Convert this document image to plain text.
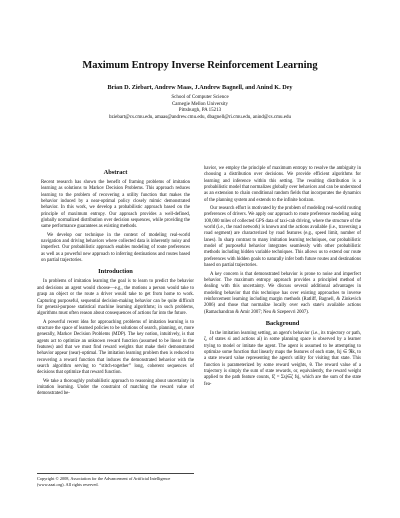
Maximum Entropy Inverse Reinforcement Learning
Brian D. Ziebart, Andrew Maas, J.Andrew Bagnell, and Anind K. Dey
School of Computer Science
Carnegie Mellon University
Pittsburgh, PA 15213
bziebart@cs.cmu.edu, amaas@andrew.cmu.edu, dbagnell@ri.cmu.edu, anind@cs.cmu.edu
Abstract

Recent research has shown the benefit of framing problems of imitation learning as solutions to Markov Decision Problems. This approach reduces learning to the problem of recovering a utility function that makes the behavior induced by a near-optimal policy closely mimic demonstrated behavior. In this work, we develop a probabilistic approach based on the principle of maximum entropy. Our approach provides a well-defined, globally normalized distribution over decision sequences, while providing the same performance guarantees as existing methods.

We develop our technique in the context of modeling real-world navigation and driving behaviors where collected data is inherently noisy and imperfect. Our probabilistic approach enables modeling of route preferences as well as a powerful new approach to inferring destinations and routes based on partial trajectories.

Introduction

In problems of imitation learning the goal is to learn to predict the behavior and decisions an agent would choose—e.g., the motions a person would take to grasp an object or the route a driver would take to get from home to work. Capturing purposeful, sequential decision-making behavior can be quite difficult for general-purpose statistical machine learning algorithms; in such problems, algorithms must often reason about consequences of actions far into the future.

A powerful recent idea for approaching problems of imitation learning is to structure the space of learned policies to be solutions of search, planning, or, more generally, Markov Decision Problems (MDP). The key notion, intuitively, is that agents act to optimize an unknown reward function (assumed to be linear in the features) and that we must find reward weights that make their demonstrated behavior appear (near)-optimal. The imitation learning problem then is reduced to recovering a reward function that induces the demonstrated behavior with the search algorithm serving to “stitch-together” long, coherent sequences of decisions that optimize that reward function.

We take a thoroughly probabilistic approach to reasoning about uncertainty in imitation learning. Under the constraint of matching the reward value of demonstrated be-

havior, we employ the principle of maximum entropy to resolve the ambiguity in choosing a distribution over decisions. We provide efficient algorithms for learning and inference within this setting. The resulting distribution is a probabilistic model that normalizes globally over behaviors and can be understood as an extension to chain conditional random fields that incorporates the dynamics of the planning system and extends to the infinite horizon.

Our research effort is motivated by the problem of modeling real-world routing preferences of drivers. We apply our approach to route preference modeling using 100,000 miles of collected GPS data of taxi-cab driving, where the structure of the world (i.e., the road network) is known and the actions available (i.e., traversing a road segment) are characterized by road features (e.g., speed limit, number of lanes). In sharp contrast to many imitation learning techniques, our probabilistic model of purposeful behavior integrates seamlessly with other probabilistic methods including hidden variable techniques. This allows us to extend our route preferences with hidden goals to naturally infer both future routes and destinations based on partial trajectories.

A key concern is that demonstrated behavior is prone to noise and imperfect behavior. The maximum entropy approach provides a principled method of dealing with this uncertainty. We discuss several additional advantages in modeling behavior that this technique has over existing approaches to inverse reinforcement learning including margin methods (Ratliff, Bagnell, & Zinkevich 2006) and those that normalize locally over each state's available actions (Ramachandran & Amir 2007; Neu & Szepesvri 2007).

Background

In the imitation learning setting, an agent's behavior (i.e., its trajectory or path, ζ, of states si and actions ai) in some planning space is observed by a learner trying to model or imitate the agent. The agent is assumed to be attempting to optimize some function that linearly maps the features of each state, fsj ∈ ℜk, to a state reward value representing the agent's utility for visiting that state. This function is parameterized by some reward weights, θ. The reward value of a trajectory is simply the sum of state rewards, or, equivalently, the reward weight applied to the path feature counts, fζ = Σsj∈ζ fsj, which are the sum of the state fea-

Copyright © 2008, Association for the Advancement of Artificial Intelligence (www.aaai.org). All rights reserved.
